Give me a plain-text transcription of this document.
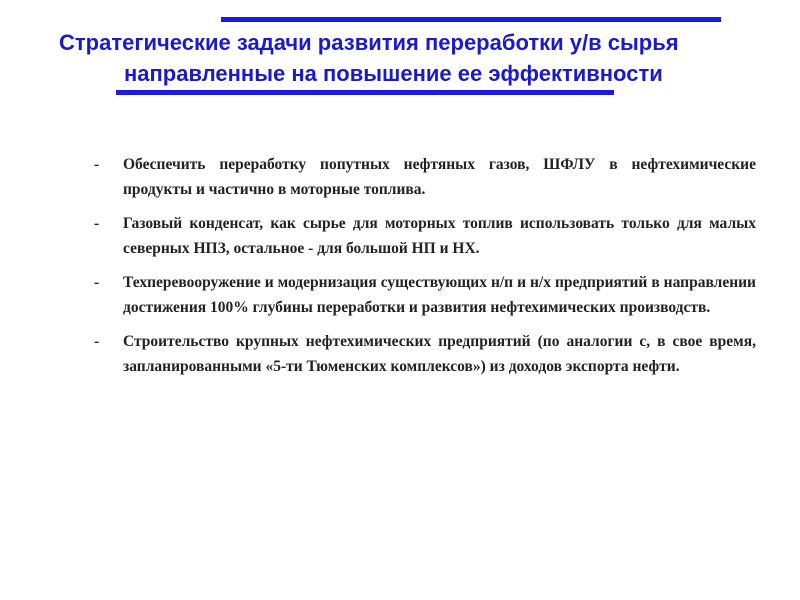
Стратегические задачи развития переработки у/в сырья
направленные на повышение ее эффективности
-	Обеспечить переработку попутных нефтяных газов, ШФЛУ в нефтехимические продукты и частично в моторные топлива.
-	Газовый конденсат, как сырье для моторных топлив использовать только для малых северных НПЗ, остальное - для большой НП и НХ.
-	Техперевооружение и модернизация существующих н/п и н/х предприятий в направлении достижения 100% глубины переработки и развития нефтехимических производств.
-	Строительство крупных нефтехимических предприятий (по аналогии с, в свое время, запланированными «5-ти Тюменских комплексов») из доходов экспорта нефти.
